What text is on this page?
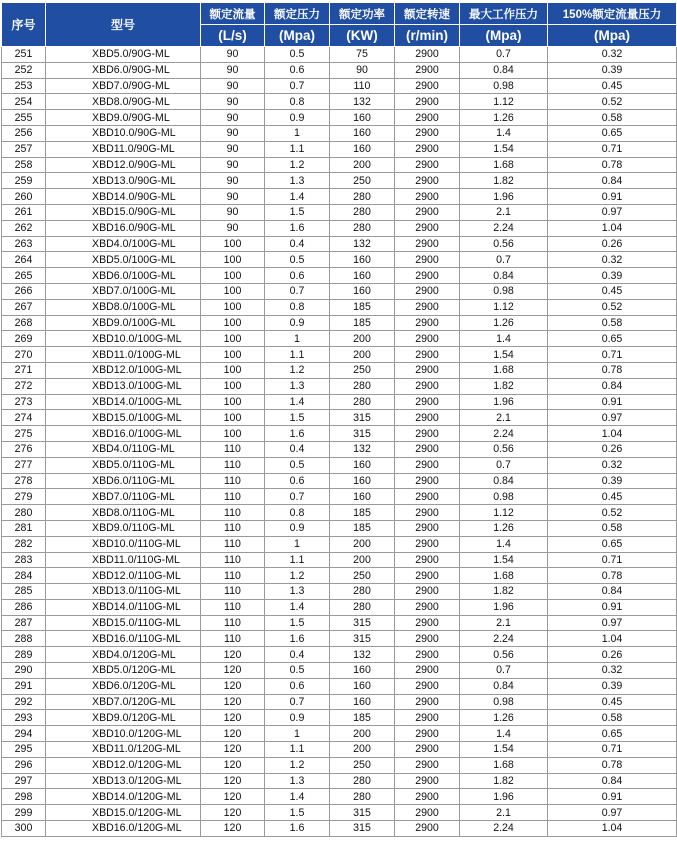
序号	型号	额定流量	额定压力	额定功率	额定转速	最大工作压力	150%额定流量压力
		(L/s)	(Mpa)	(KW)	(r/min)	(Mpa)	(Mpa)
251	XBD5.0/90G-ML	90	0.5	75	2900	0.7	0.32
252	XBD6.0/90G-ML	90	0.6	90	2900	0.84	0.39
253	XBD7.0/90G-ML	90	0.7	110	2900	0.98	0.45
254	XBD8.0/90G-ML	90	0.8	132	2900	1.12	0.52
255	XBD9.0/90G-ML	90	0.9	160	2900	1.26	0.58
256	XBD10.0/90G-ML	90	1	160	2900	1.4	0.65
257	XBD11.0/90G-ML	90	1.1	160	2900	1.54	0.71
258	XBD12.0/90G-ML	90	1.2	200	2900	1.68	0.78
259	XBD13.0/90G-ML	90	1.3	250	2900	1.82	0.84
260	XBD14.0/90G-ML	90	1.4	280	2900	1.96	0.91
261	XBD15.0/90G-ML	90	1.5	280	2900	2.1	0.97
262	XBD16.0/90G-ML	90	1.6	280	2900	2.24	1.04
263	XBD4.0/100G-ML	100	0.4	132	2900	0.56	0.26
264	XBD5.0/100G-ML	100	0.5	160	2900	0.7	0.32
265	XBD6.0/100G-ML	100	0.6	160	2900	0.84	0.39
266	XBD7.0/100G-ML	100	0.7	160	2900	0.98	0.45
267	XBD8.0/100G-ML	100	0.8	185	2900	1.12	0.52
268	XBD9.0/100G-ML	100	0.9	185	2900	1.26	0.58
269	XBD10.0/100G-ML	100	1	200	2900	1.4	0.65
270	XBD11.0/100G-ML	100	1.1	200	2900	1.54	0.71
271	XBD12.0/100G-ML	100	1.2	250	2900	1.68	0.78
272	XBD13.0/100G-ML	100	1.3	280	2900	1.82	0.84
273	XBD14.0/100G-ML	100	1.4	280	2900	1.96	0.91
274	XBD15.0/100G-ML	100	1.5	315	2900	2.1	0.97
275	XBD16.0/100G-ML	100	1.6	315	2900	2.24	1.04
276	XBD4.0/110G-ML	110	0.4	132	2900	0.56	0.26
277	XBD5.0/110G-ML	110	0.5	160	2900	0.7	0.32
278	XBD6.0/110G-ML	110	0.6	160	2900	0.84	0.39
279	XBD7.0/110G-ML	110	0.7	160	2900	0.98	0.45
280	XBD8.0/110G-ML	110	0.8	185	2900	1.12	0.52
281	XBD9.0/110G-ML	110	0.9	185	2900	1.26	0.58
282	XBD10.0/110G-ML	110	1	200	2900	1.4	0.65
283	XBD11.0/110G-ML	110	1.1	200	2900	1.54	0.71
284	XBD12.0/110G-ML	110	1.2	250	2900	1.68	0.78
285	XBD13.0/110G-ML	110	1.3	280	2900	1.82	0.84
286	XBD14.0/110G-ML	110	1.4	280	2900	1.96	0.91
287	XBD15.0/110G-ML	110	1.5	315	2900	2.1	0.97
288	XBD16.0/110G-ML	110	1.6	315	2900	2.24	1.04
289	XBD4.0/120G-ML	120	0.4	132	2900	0.56	0.26
290	XBD5.0/120G-ML	120	0.5	160	2900	0.7	0.32
291	XBD6.0/120G-ML	120	0.6	160	2900	0.84	0.39
292	XBD7.0/120G-ML	120	0.7	160	2900	0.98	0.45
293	XBD9.0/120G-ML	120	0.9	185	2900	1.26	0.58
294	XBD10.0/120G-ML	120	1	200	2900	1.4	0.65
295	XBD11.0/120G-ML	120	1.1	200	2900	1.54	0.71
296	XBD12.0/120G-ML	120	1.2	250	2900	1.68	0.78
297	XBD13.0/120G-ML	120	1.3	280	2900	1.82	0.84
298	XBD14.0/120G-ML	120	1.4	280	2900	1.96	0.91
299	XBD15.0/120G-ML	120	1.5	315	2900	2.1	0.97
300	XBD16.0/120G-ML	120	1.6	315	2900	2.24	1.04
